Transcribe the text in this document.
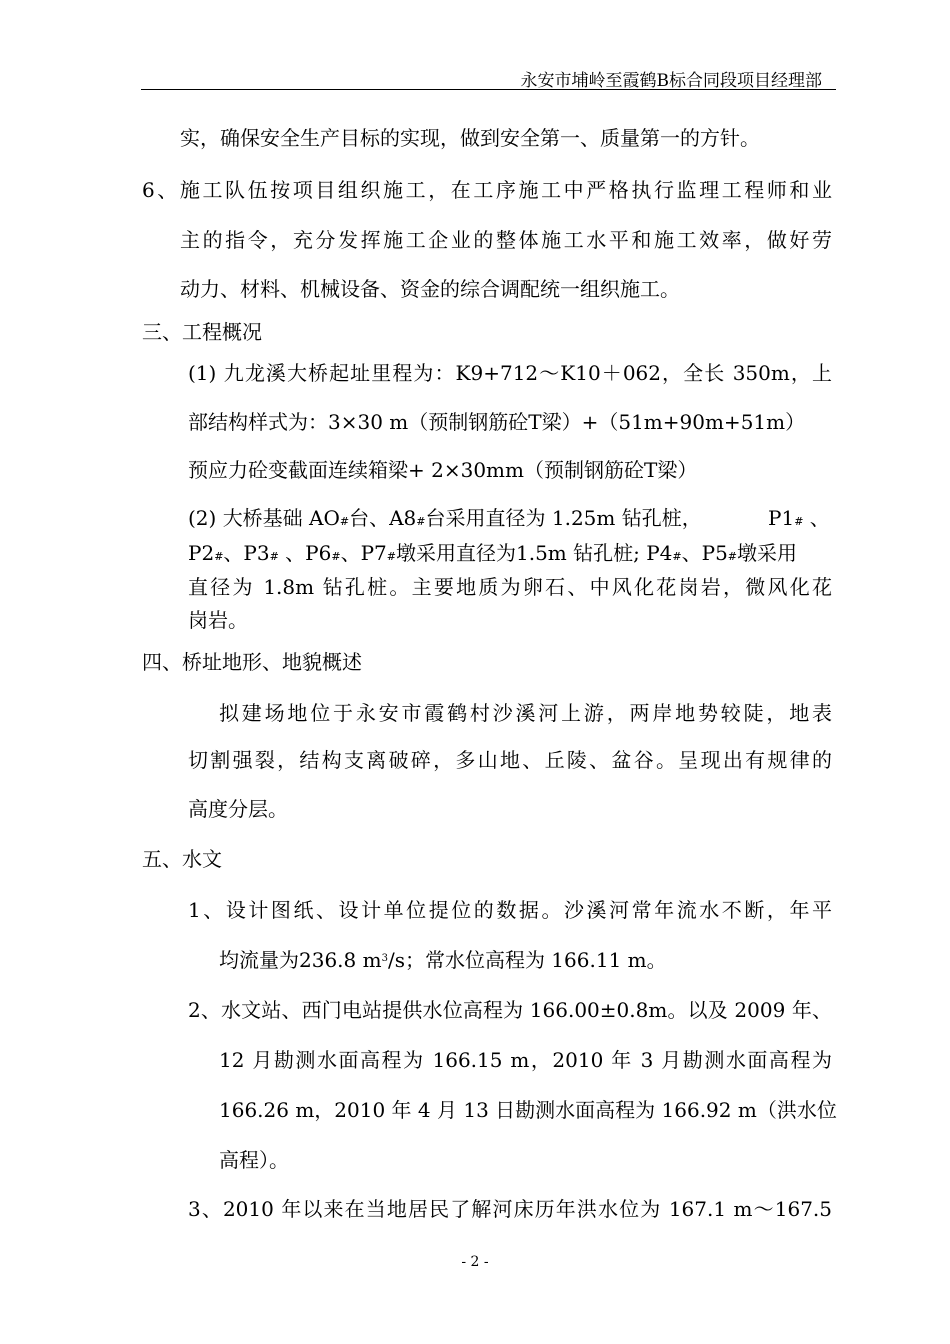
永安市埔岭至霞鹤B标合同段项目经理部
实，确保安全生产目标的实现，做到安全第一、质量第一的方针。
6、施工队伍按项目组织施工，在工序施工中严格执行监理工程师和业
主的指令，充分发挥施工企业的整体施工水平和施工效率，做好劳
动力、材料、机械设备、资金的综合调配统一组织施工。
三、工程概况
(1) 九龙溪大桥起址里程为：K9+712～K10＋062，全长 350m，上
部结构样式为：3×30 m（预制钢筋砼T梁）+（51m+90m+51m）
预应力砼变截面连续箱梁+ 2×30mm（预制钢筋砼T梁）
(2) 大桥基础 AO#台、A8#台采用直径为 1.25m 钻孔桩，	P1# 、
P2#、P3# 、P6#、P7#墩采用直径为1.5m 钻孔桩; P4#、P5#墩采用
直径为 1.8m 钻孔桩。主要地质为卵石、中风化花岗岩，微风化花
岗岩。
四、桥址地形、地貌概述
拟建场地位于永安市霞鹤村沙溪河上游，两岸地势较陡，地表
切割强裂，结构支离破碎，多山地、丘陵、盆谷。呈现出有规律的
高度分层。
五、水文
1、设计图纸、设计单位提位的数据。沙溪河常年流水不断，年平
均流量为236.8 $m^3/s$；常水位高程为 166.11 m。
2、水文站、西门电站提供水位高程为 166.00±0.8m。以及 2009 年、
12 月勘测水面高程为 166.15 m，2010 年 3 月勘测水面高程为
166.26 m，2010 年 4 月 13 日勘测水面高程为 166.92 m（洪水位
高程）。
3、2010 年以来在当地居民了解河床历年洪水位为 167.1 m～167.5
- 2 -
